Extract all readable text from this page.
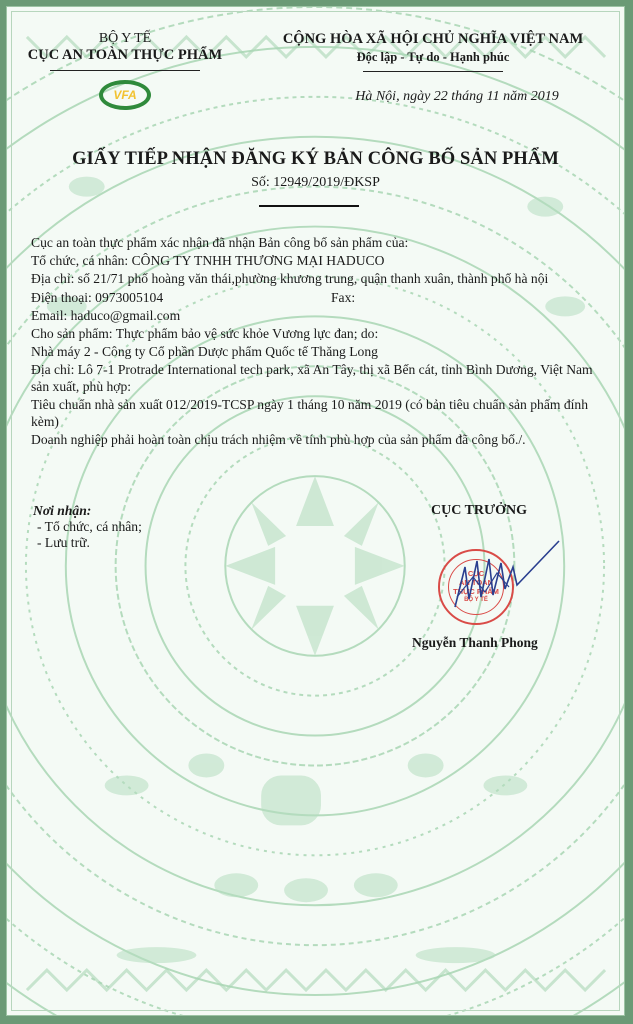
BỘ Y TẾ
CỤC AN TOÀN THỰC PHẨM
VFA
CỘNG HÒA XÃ HỘI CHỦ NGHĨA VIỆT NAM
Độc lập - Tự do - Hạnh phúc
Hà Nội, ngày 22 tháng 11 năm 2019
GIẤY TIẾP NHẬN ĐĂNG KÝ BẢN CÔNG BỐ SẢN PHẨM
Số: 12949/2019/ĐKSP

Cục an toàn thực phẩm xác nhận đã nhận Bản công bố sản phẩm của:

Tổ chức, cá nhân: CÔNG TY TNHH THƯƠNG MẠI HADUCO

Địa chỉ: số 21/71 phố hoàng văn thái,phường khương trung, quận thanh xuân, thành phố hà nội

Điện thoại: 0973005104	Fax:

Email: haduco@gmail.com

Cho sản phẩm: Thực phẩm bảo vệ sức khỏe Vương lực đan; do:

Nhà máy 2 - Công ty Cổ phần Dược phẩm Quốc tế Thăng Long

Địa chỉ: Lô 7-1 Protrade International tech park, xã An Tây, thị xã Bến cát, tỉnh Bình Dương, Việt Nam sản xuất, phù hợp:

Tiêu chuẩn nhà sản xuất 012/2019-TCSP ngày 1 tháng 10 năm 2019 (có bản tiêu chuẩn sản phẩm đính kèm)

Doanh nghiệp phải hoàn toàn chịu trách nhiệm về tính phù hợp của sản phẩm đã công bố./.

Nơi nhận:
- Tổ chức, cá nhân;
- Lưu trữ.
CỤC TRƯỞNG
CỤC
AN TOÀN
THỰC PHẨM
BỘ Y TẾ
Nguyễn Thanh Phong
